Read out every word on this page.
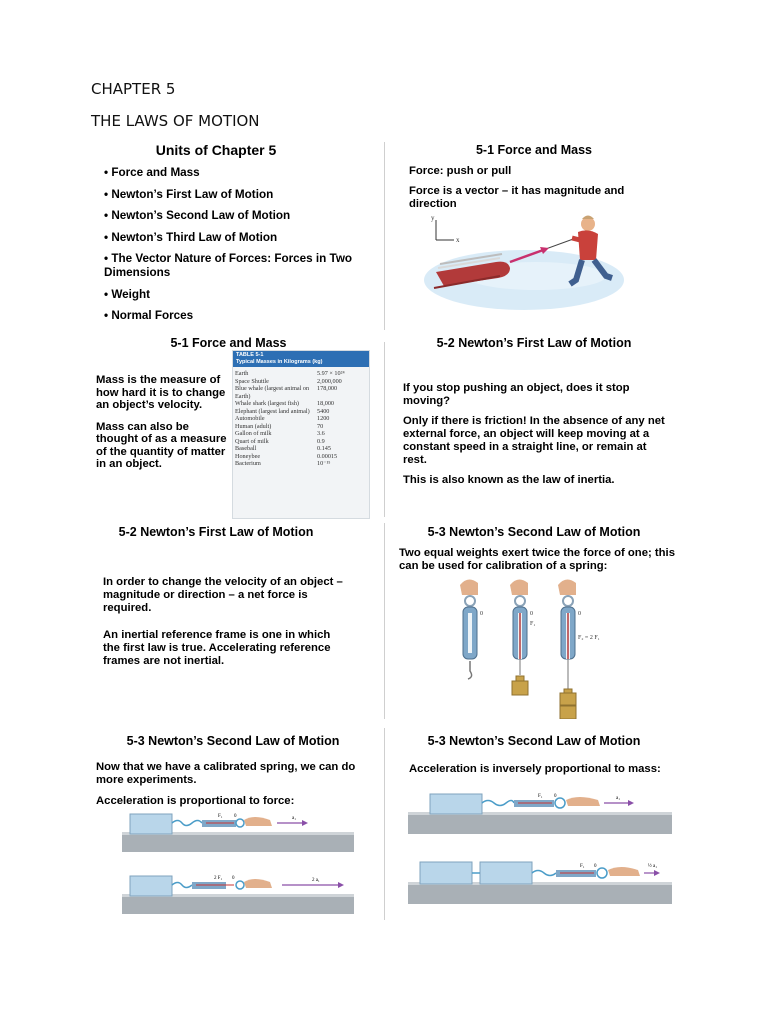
CHAPTER 5
THE LAWS OF MOTION
Units of Chapter 5
• Force and Mass
• Newton’s First Law of Motion
• Newton’s Second Law of Motion
• Newton’s Third Law of Motion
• The Vector Nature of Forces: Forces in Two Dimensions
• Weight
• Normal Forces
5-1 Force and Mass

Force: push or pull

Force is a vector – it has magnitude and direction

y
x
5-1 Force and Mass

Mass is the measure of how hard it is to change an object’s velocity.

Mass can also be thought of as a measure of the quantity of matter in an object.

TABLE 5-1
Typical Masses in Kilograms (kg)
Earth	5.97 × 10²⁴
Space Shuttle	2,000,000
Blue whale (largest animal on Earth)	178,000
Whale shark (largest fish)	18,000
Elephant (largest land animal)	5400
Automobile	1200
Human (adult)	70
Gallon of milk	3.6
Quart of milk	0.9
Baseball	0.145
Honeybee	0.00015
Bacterium	10⁻¹⁵
5-2 Newton’s First Law of Motion

If you stop pushing an object, does it stop moving?

Only if there is friction! In the absence of any net external force, an object will keep moving at a constant speed in a straight line, or remain at rest.

This is also known as the law of inertia.

5-2 Newton’s First Law of Motion

In order to change the velocity of an object – magnitude or direction – a net force is required.

An inertial reference frame is one in which the first law is true. Accelerating reference frames are not inertial.

5-3 Newton’s Second Law of Motion
Two equal weights exert twice the force of one; this can be used for calibration of a spring:
0
F₁
0
F₂ = 2 F₁
0
5-3 Newton’s Second Law of Motion

Now that we have a calibrated spring, we can do more experiments.

Acceleration is proportional to force:

F₁ 0	a₁
2 F₁ 0	2 a₁
5-3 Newton’s Second Law of Motion
Acceleration is inversely proportional to mass:
F₁ 0	a₁
F₁ 0	½ a₁
